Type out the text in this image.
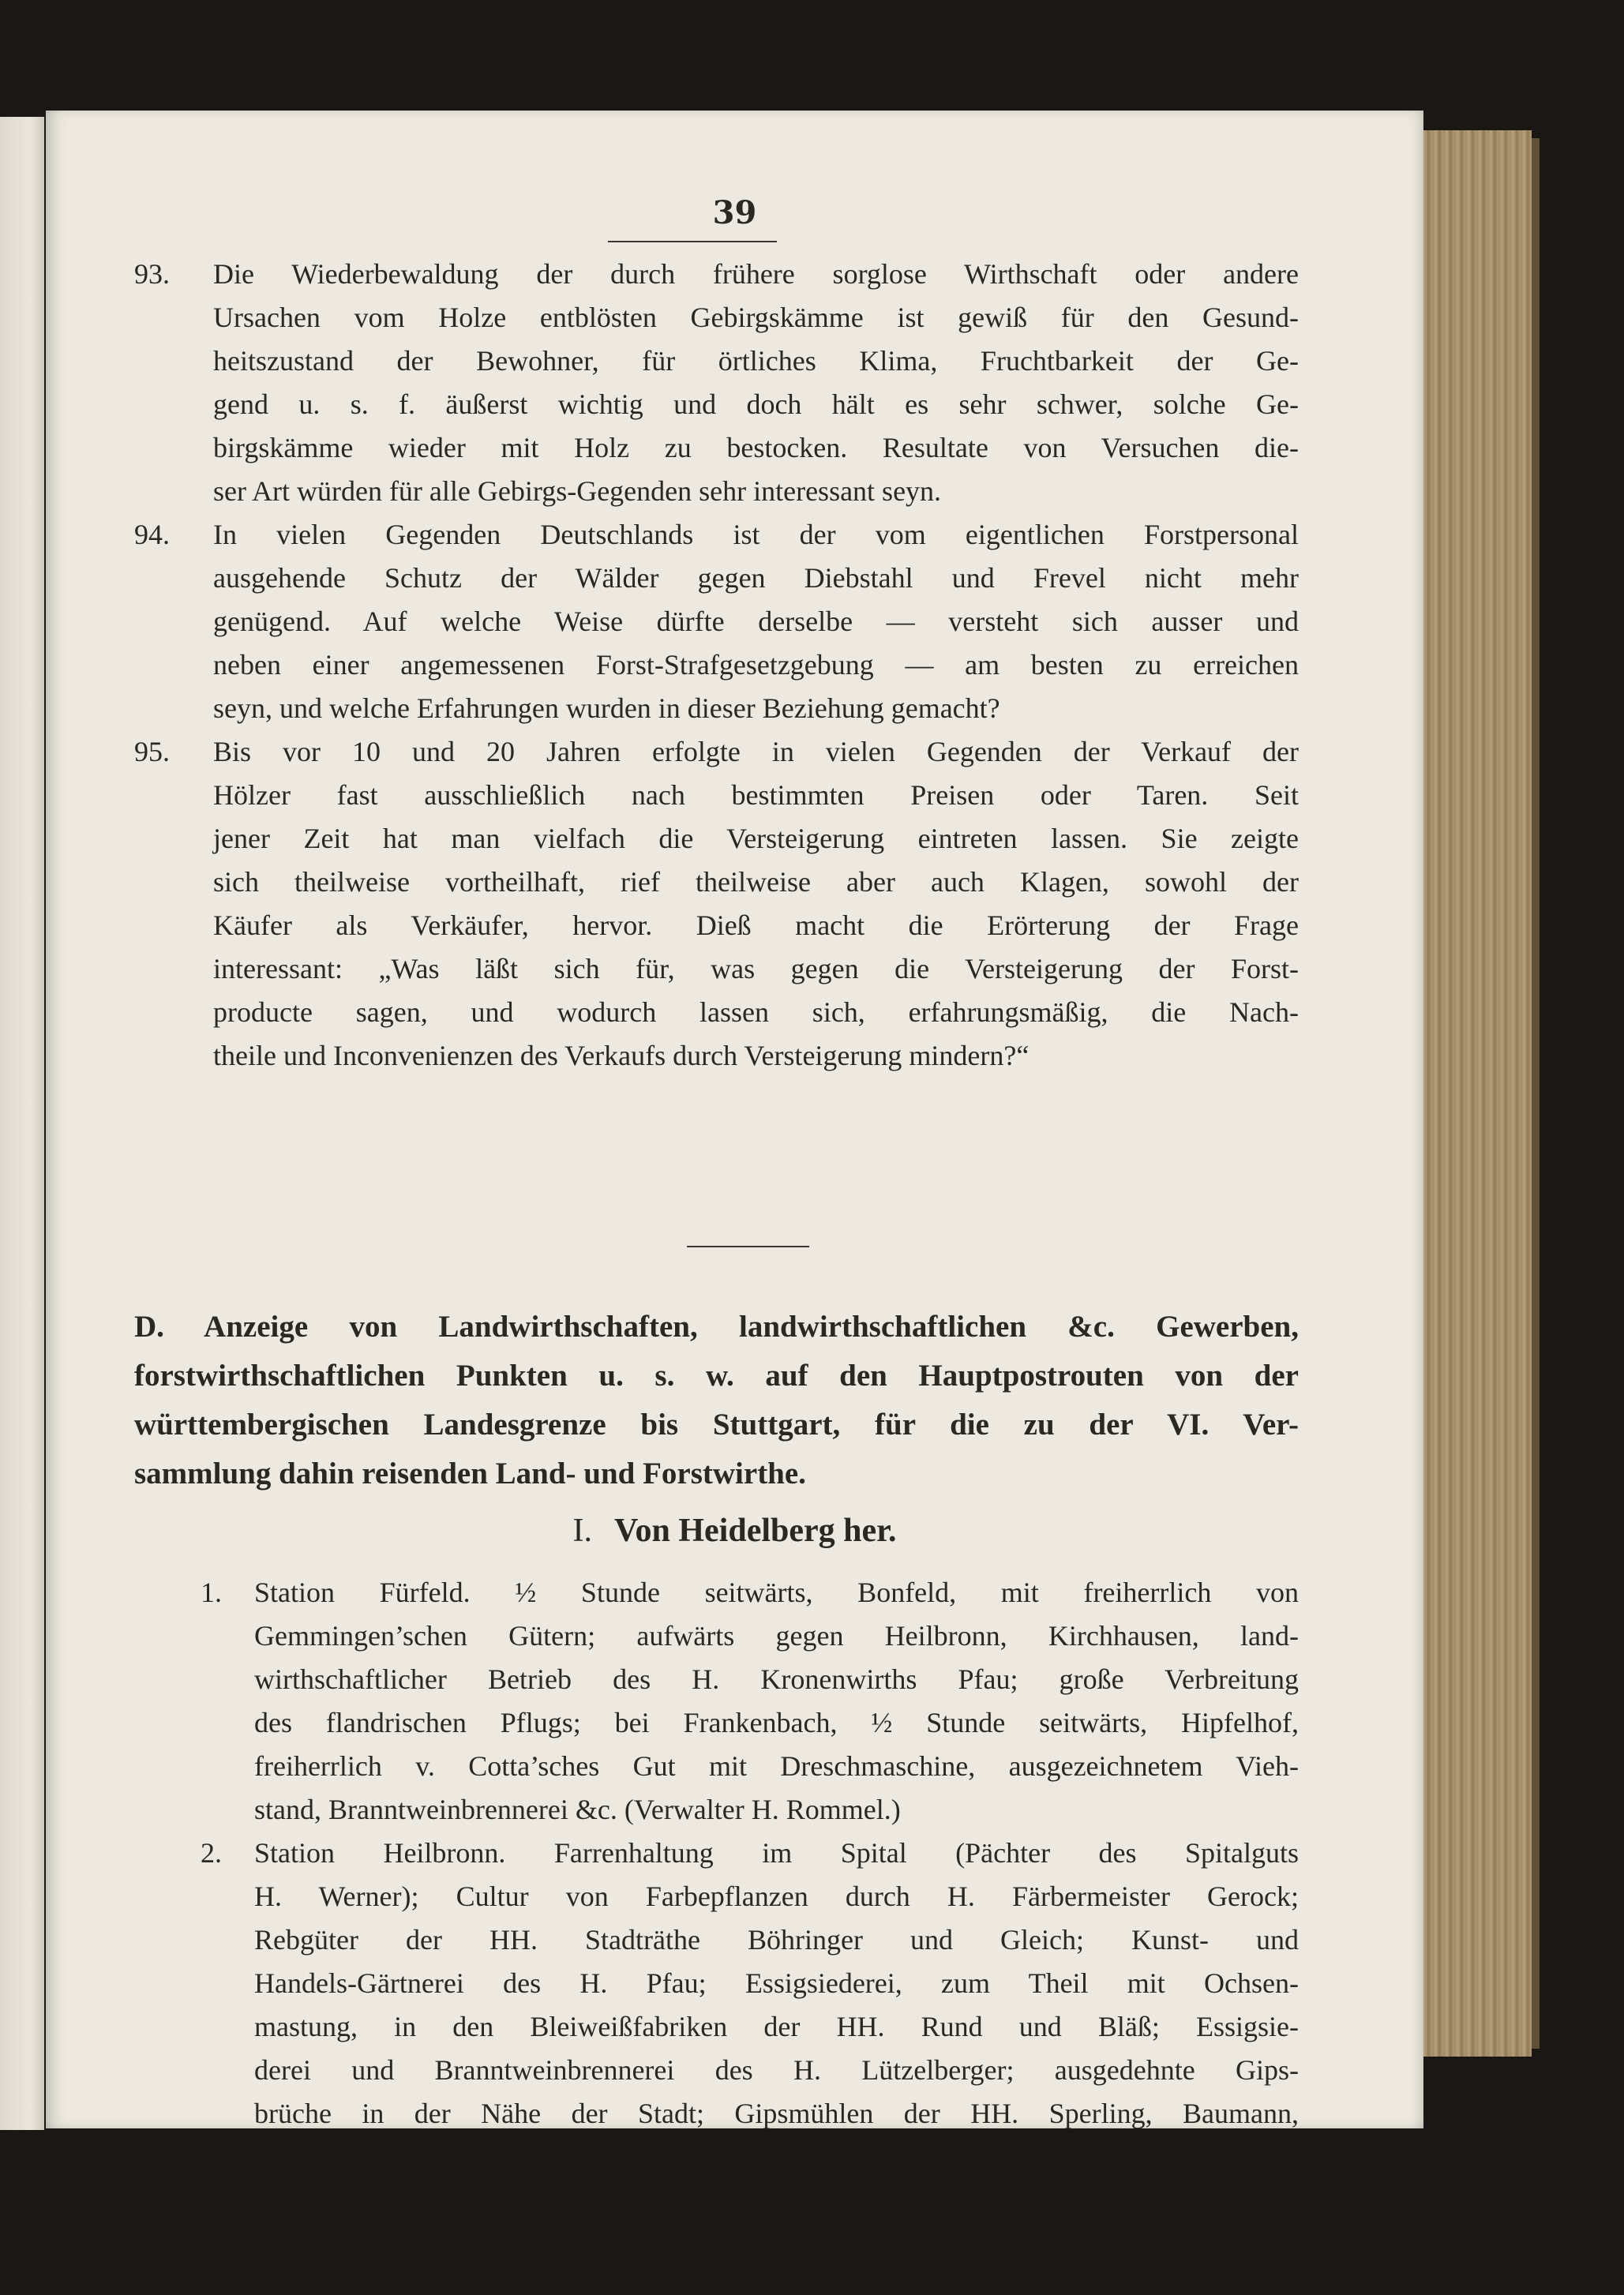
39
93. Die Wiederbewaldung der durch frühere sorglose Wirthschaft oder andere
Ursachen vom Holze entblösten Gebirgskämme ist gewiß für den Gesund-
heitszustand der Bewohner, für örtliches Klima, Fruchtbarkeit der Ge-
gend u. s. f. äußerst wichtig und doch hält es sehr schwer, solche Ge-
birgskämme wieder mit Holz zu bestocken. Resultate von Versuchen die-
ser Art würden für alle Gebirgs-Gegenden sehr interessant seyn.
94. In vielen Gegenden Deutschlands ist der vom eigentlichen Forstpersonal
ausgehende Schutz der Wälder gegen Diebstahl und Frevel nicht mehr
genügend. Auf welche Weise dürfte derselbe — versteht sich ausser und
neben einer angemessenen Forst-Strafgesetzgebung — am besten zu erreichen
seyn, und welche Erfahrungen wurden in dieser Beziehung gemacht?
95. Bis vor 10 und 20 Jahren erfolgte in vielen Gegenden der Verkauf der
Hölzer fast ausschließlich nach bestimmten Preisen oder Taren. Seit
jener Zeit hat man vielfach die Versteigerung eintreten lassen. Sie zeigte
sich theilweise vortheilhaft, rief theilweise aber auch Klagen, sowohl der
Käufer als Verkäufer, hervor. Dieß macht die Erörterung der Frage
interessant: „Was läßt sich für, was gegen die Versteigerung der Forst-
producte sagen, und wodurch lassen sich, erfahrungsmäßig, die Nach-
theile und Inconvenienzen des Verkaufs durch Versteigerung mindern?“
D. Anzeige von Landwirthschaften, landwirthschaftlichen &c. Gewerben,
forstwirthschaftlichen Punkten u. s. w. auf den Hauptpostrouten von der
württembergischen Landesgrenze bis Stuttgart, für die zu der VI. Ver-
sammlung dahin reisenden Land- und Forstwirthe.
I. Von Heidelberg her.
1. Station Fürfeld. ½ Stunde seitwärts, Bonfeld, mit freiherrlich von
Gemmingen’schen Gütern; aufwärts gegen Heilbronn, Kirchhausen, land-
wirthschaftlicher Betrieb des H. Kronenwirths Pfau; große Verbreitung
des flandrischen Pflugs; bei Frankenbach, ½ Stunde seitwärts, Hipfelhof,
freiherrlich v. Cotta’sches Gut mit Dreschmaschine, ausgezeichnetem Vieh-
stand, Branntweinbrennerei &c. (Verwalter H. Rommel.)
2. Station Heilbronn. Farrenhaltung im Spital (Pächter des Spitalguts
H. Werner); Cultur von Farbepflanzen durch H. Färbermeister Gerock;
Rebgüter der HH. Stadträthe Böhringer und Gleich; Kunst- und
Handels-Gärtnerei des H. Pfau; Essigsiederei, zum Theil mit Ochsen-
mastung, in den Bleiweißfabriken der HH. Rund und Bläß; Essigsie-
derei und Branntweinbrennerei des H. Lützelberger; ausgedehnte Gips-
brüche in der Nähe der Stadt; Gipsmühlen der HH. Sperling, Baumann,
